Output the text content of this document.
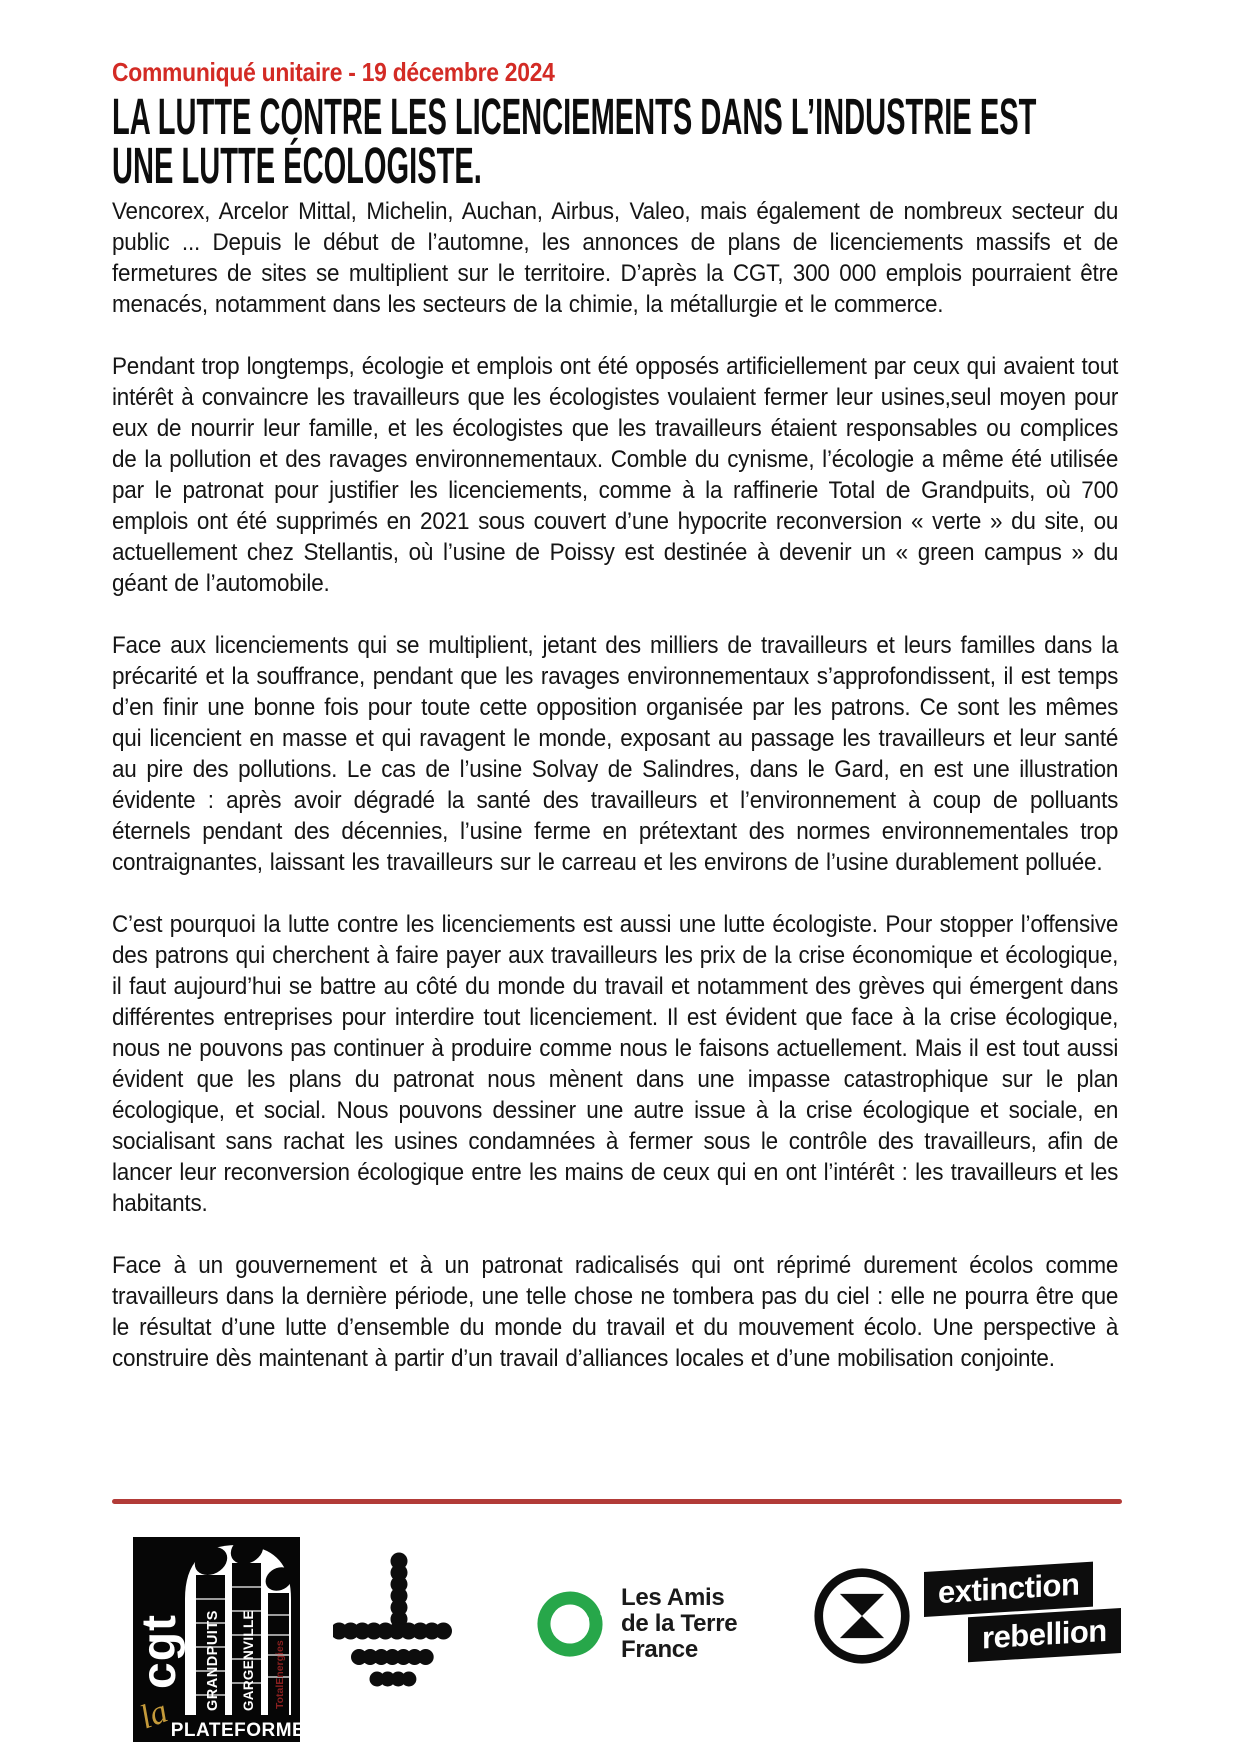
Communiqué unitaire - 19 décembre 2024
LA LUTTE CONTRE LES LICENCIEMENTS DANS L’INDUSTRIE EST
UNE LUTTE ÉCOLOGISTE.

Vencorex, Arcelor Mittal, Michelin, Auchan, Airbus, Valeo, mais également de nombreux secteur du public ... Depuis le début de l’automne, les annonces de plans de licenciements massifs et de fermetures de sites se multiplient sur le territoire. D’après la CGT, 300 000 emplois pourraient être menacés, notamment dans les secteurs de la chimie, la métallurgie et le commerce.

Pendant trop longtemps, écologie et emplois ont été opposés artificiellement par ceux qui avaient tout intérêt à convaincre les travailleurs que les écologistes voulaient fermer leur usines,seul moyen pour eux de nourrir leur famille, et les écologistes que les travailleurs étaient responsables ou complices de la pollution et des ravages environnementaux. Comble du cynisme, l’écologie a même été utilisée par le patronat pour justifier les licenciements, comme à la raffinerie Total de Grandpuits, où 700 emplois ont été supprimés en 2021 sous couvert d’une hypocrite reconversion « verte » du site, ou actuellement chez Stellantis, où l’usine de Poissy est destinée à devenir un « green campus » du géant de l’automobile.

Face aux licenciements qui se multiplient, jetant des milliers de travailleurs et leurs familles dans la précarité et la souffrance, pendant que les ravages environnementaux s’approfondissent, il est temps d’en finir une bonne fois pour toute cette opposition organisée par les patrons. Ce sont les mêmes qui licencient en masse et qui ravagent le monde, exposant au passage les travailleurs et leur santé au pire des pollutions. Le cas de l’usine Solvay de Salindres, dans le Gard, en est une illustration évidente : après avoir dégradé la santé des travailleurs et l’environnement à coup de polluants éternels pendant des décennies, l’usine ferme en prétextant des normes environnementales trop contraignantes, laissant les travailleurs sur le carreau et les environs de l’usine durablement polluée.

C’est pourquoi la lutte contre les licenciements est aussi une lutte écologiste. Pour stopper l’offensive des patrons qui cherchent à faire payer aux travailleurs les prix de la crise économique et écologique, il faut aujourd’hui se battre au côté du monde du travail et notamment des grèves qui émergent dans différentes entreprises pour interdire tout licenciement. Il est évident que face à la crise écologique, nous ne pouvons pas continuer à produire comme nous le faisons actuellement. Mais il est tout aussi évident que les plans du patronat nous mènent dans une impasse catastrophique sur le plan écologique, et social. Nous pouvons dessiner une autre issue à la crise écologique et sociale, en socialisant sans rachat les usines condamnées à fermer sous le contrôle des travailleurs, afin de lancer leur reconversion écologique entre les mains de ceux qui en ont l’intérêt : les travailleurs et les habitants.

Face à un gouvernement et à un patronat radicalisés qui ont réprimé durement écolos comme travailleurs dans la dernière période, une telle chose ne tombera pas du ciel : elle ne pourra être que le résultat d’une lutte d’ensemble du monde du travail et du mouvement écolo. Une perspective à construire dès maintenant à partir d’un travail d’alliances locales et d’une mobilisation conjointe.

cgt
la
GRANDPUITS GARGENVILLE TotalEnergies
PLATEFORME
Les Amis
de la Terre
France
extinction
rebellion
